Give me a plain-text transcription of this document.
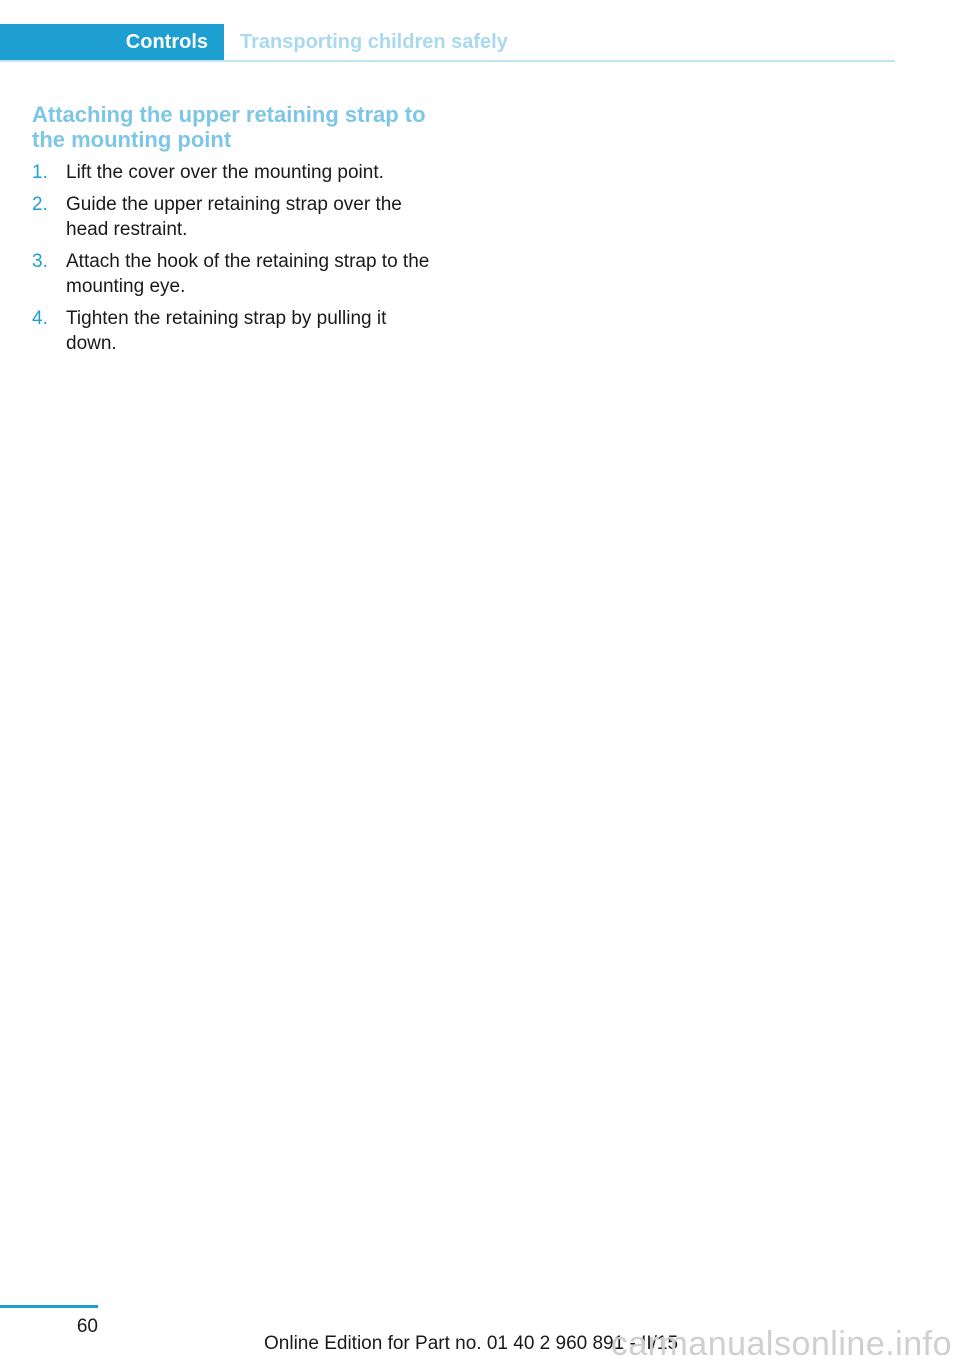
Controls	Transporting children safely
Attaching the upper retaining strap to the mounting point
1. Lift the cover over the mounting point.
2. Guide the upper retaining strap over the head restraint.
3. Attach the hook of the retaining strap to the mounting eye.
4. Tighten the retaining strap by pulling it down.
60
Online Edition for Part no. 01 40 2 960 891 - II/15
carmanualsonline.info
